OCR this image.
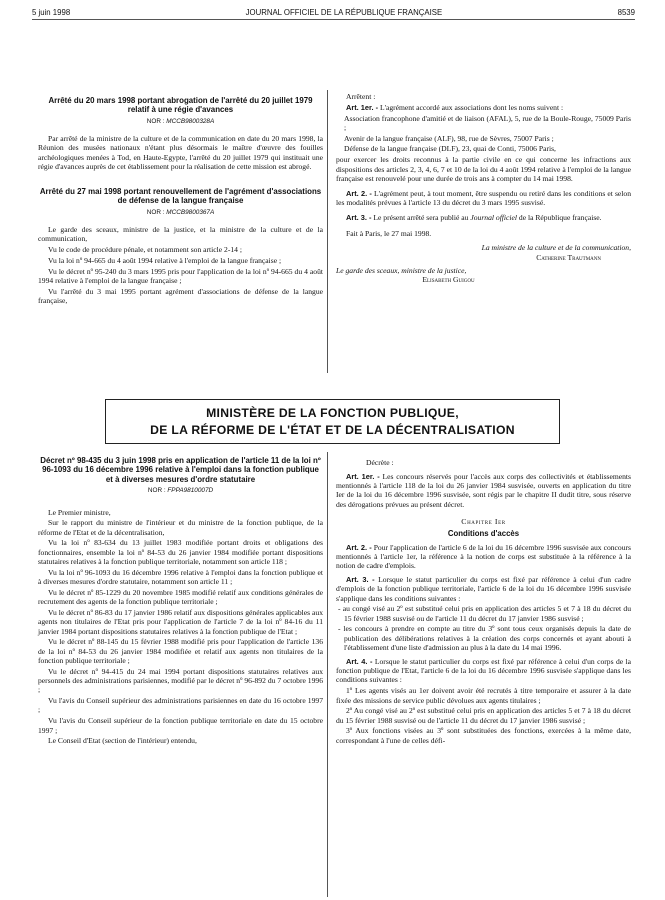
5 juin 1998	JOURNAL OFFICIEL DE LA RÉPUBLIQUE FRANÇAISE	8539
Arrêté du 20 mars 1998 portant abrogation de l'arrêté du 20 juillet 1979 relatif à une régie d'avances
NOR : MCCB9800328A

Par arrêté de la ministre de la culture et de la communication en date du 20 mars 1998, la Réunion des musées nationaux n'étant plus désormais le maître d'œuvre des fouilles archéologiques menées à Tod, en Haute-Egypte, l'arrêté du 20 juillet 1979 qui instituait une régie d'avances auprès de cet établissement pour la réalisation de cette mission est abrogé.

Arrêté du 27 mai 1998 portant renouvellement de l'agrément d'associations de défense de la langue française
NOR : MCCB9800367A

Le garde des sceaux, ministre de la justice, et la ministre de la culture et de la communication,

Vu le code de procédure pénale, et notamment son article 2-14 ;

Vu la loi nº 94-665 du 4 août 1994 relative à l'emploi de la langue française ;

Vu le décret nº 95-240 du 3 mars 1995 pris pour l'application de la loi nº 94-665 du 4 août 1994 relative à l'emploi de la langue française ;

Vu l'arrêté du 3 mai 1995 portant agrément d'associations de défense de la langue française,

Arrêtent :

Art. 1er. - L'agrément accordé aux associations dont les noms suivent :

Association francophone d'amitié et de liaison (AFAL), 5, rue de la Boule-Rouge, 75009 Paris ;

Avenir de la langue française (ALF), 98, rue de Sèvres, 75007 Paris ;

Défense de la langue française (DLF), 23, quai de Conti, 75006 Paris,

pour exercer les droits reconnus à la partie civile en ce qui concerne les infractions aux dispositions des articles 2, 3, 4, 6, 7 et 10 de la loi du 4 août 1994 relative à l'emploi de la langue française est renouvelé pour une durée de trois ans à compter du 14 mai 1998.

Art. 2. - L'agrément peut, à tout moment, être suspendu ou retiré dans les conditions et selon les modalités prévues à l'article 13 du décret du 3 mars 1995 susvisé.

Art. 3. - Le présent arrêté sera publié au Journal officiel de la République française.

Fait à Paris, le 27 mai 1998.

La ministre de la culture et de la communication,
Catherine Trautmann
Le garde des sceaux, ministre de la justice,
Elisabeth Guigou
MINISTÈRE DE LA FONCTION PUBLIQUE,
DE LA RÉFORME DE L'ÉTAT ET DE LA DÉCENTRALISATION
Décret nº 98-435 du 3 juin 1998 pris en application de l'article 11 de la loi nº 96-1093 du 16 décembre 1996 relative à l'emploi dans la fonction publique et à diverses mesures d'ordre statutaire
NOR : FPPA9810007D

Le Premier ministre,

Sur le rapport du ministre de l'intérieur et du ministre de la fonction publique, de la réforme de l'Etat et de la décentralisation,

Vu la loi nº 83-634 du 13 juillet 1983 modifiée portant droits et obligations des fonctionnaires, ensemble la loi nº 84-53 du 26 janvier 1984 modifiée portant dispositions statutaires relatives à la fonction publique territoriale, notamment son article 118 ;

Vu la loi nº 96-1093 du 16 décembre 1996 relative à l'emploi dans la fonction publique et à diverses mesures d'ordre statutaire, notamment son article 11 ;

Vu le décret nº 85-1229 du 20 novembre 1985 modifié relatif aux conditions générales de recrutement des agents de la fonction publique territoriale ;

Vu le décret nº 86-83 du 17 janvier 1986 relatif aux dispositions générales applicables aux agents non titulaires de l'Etat pris pour l'application de l'article 7 de la loi nº 84-16 du 11 janvier 1984 portant dispositions statutaires relatives à la fonction publique de l'Etat ;

Vu le décret nº 88-145 du 15 février 1988 modifié pris pour l'application de l'article 136 de la loi nº 84-53 du 26 janvier 1984 modifiée et relatif aux agents non titulaires de la fonction publique territoriale ;

Vu le décret nº 94-415 du 24 mai 1994 portant dispositions statutaires relatives aux personnels des administrations parisiennes, modifié par le décret nº 96-892 du 7 octobre 1996 ;

Vu l'avis du Conseil supérieur des administrations parisiennes en date du 16 octobre 1997 ;

Vu l'avis du Conseil supérieur de la fonction publique territoriale en date du 15 octobre 1997 ;

Le Conseil d'Etat (section de l'intérieur) entendu,

Décrète :

Art. 1er. - Les concours réservés pour l'accès aux corps des collectivités et établissements mentionnés à l'article 118 de la loi du 26 janvier 1984 susvisée, ouverts en application du titre Ier de la loi du 16 décembre 1996 susvisée, sont régis par le chapitre II dudit titre, sous réserve des dérogations prévues au présent décret.

Chapitre Ier
Conditions d'accès

Art. 2. - Pour l'application de l'article 6 de la loi du 16 décembre 1996 susvisée aux concours mentionnés à l'article 1er, la référence à la notion de corps est substituée à la référence à la notion de cadre d'emplois.

Art. 3. - Lorsque le statut particulier du corps est fixé par référence à celui d'un cadre d'emplois de la fonction publique territoriale, l'article 6 de la loi du 16 décembre 1996 susvisée s'applique dans les conditions suivantes :

- au congé visé au 2º est substitué celui pris en application des articles 5 et 7 à 18 du décret du 15 février 1988 susvisé ou de l'article 11 du décret du 17 janvier 1986 susvisé ;

- les concours à prendre en compte au titre du 3º sont tous ceux organisés depuis la date de publication des délibérations relatives à la création des corps concernés et ayant abouti à l'établissement d'une liste d'admission au plus à la date du 14 mai 1996.

Art. 4. - Lorsque le statut particulier du corps est fixé par référence à celui d'un corps de la fonction publique de l'Etat, l'article 6 de la loi du 16 décembre 1996 susvisée s'applique dans les conditions suivantes :

1º Les agents visés au 1er doivent avoir été recrutés à titre temporaire et assurer à la date fixée des missions de service public dévolues aux agents titulaires ;

2º Au congé visé au 2º est substitué celui pris en application des articles 5 et 7 à 18 du décret du 15 février 1988 susvisé ou de l'article 11 du décret du 17 janvier 1986 susvisé ;

3º Aux fonctions visées au 3º sont substituées des fonctions, exercées à la même date, correspondant à l'une de celles défi-
